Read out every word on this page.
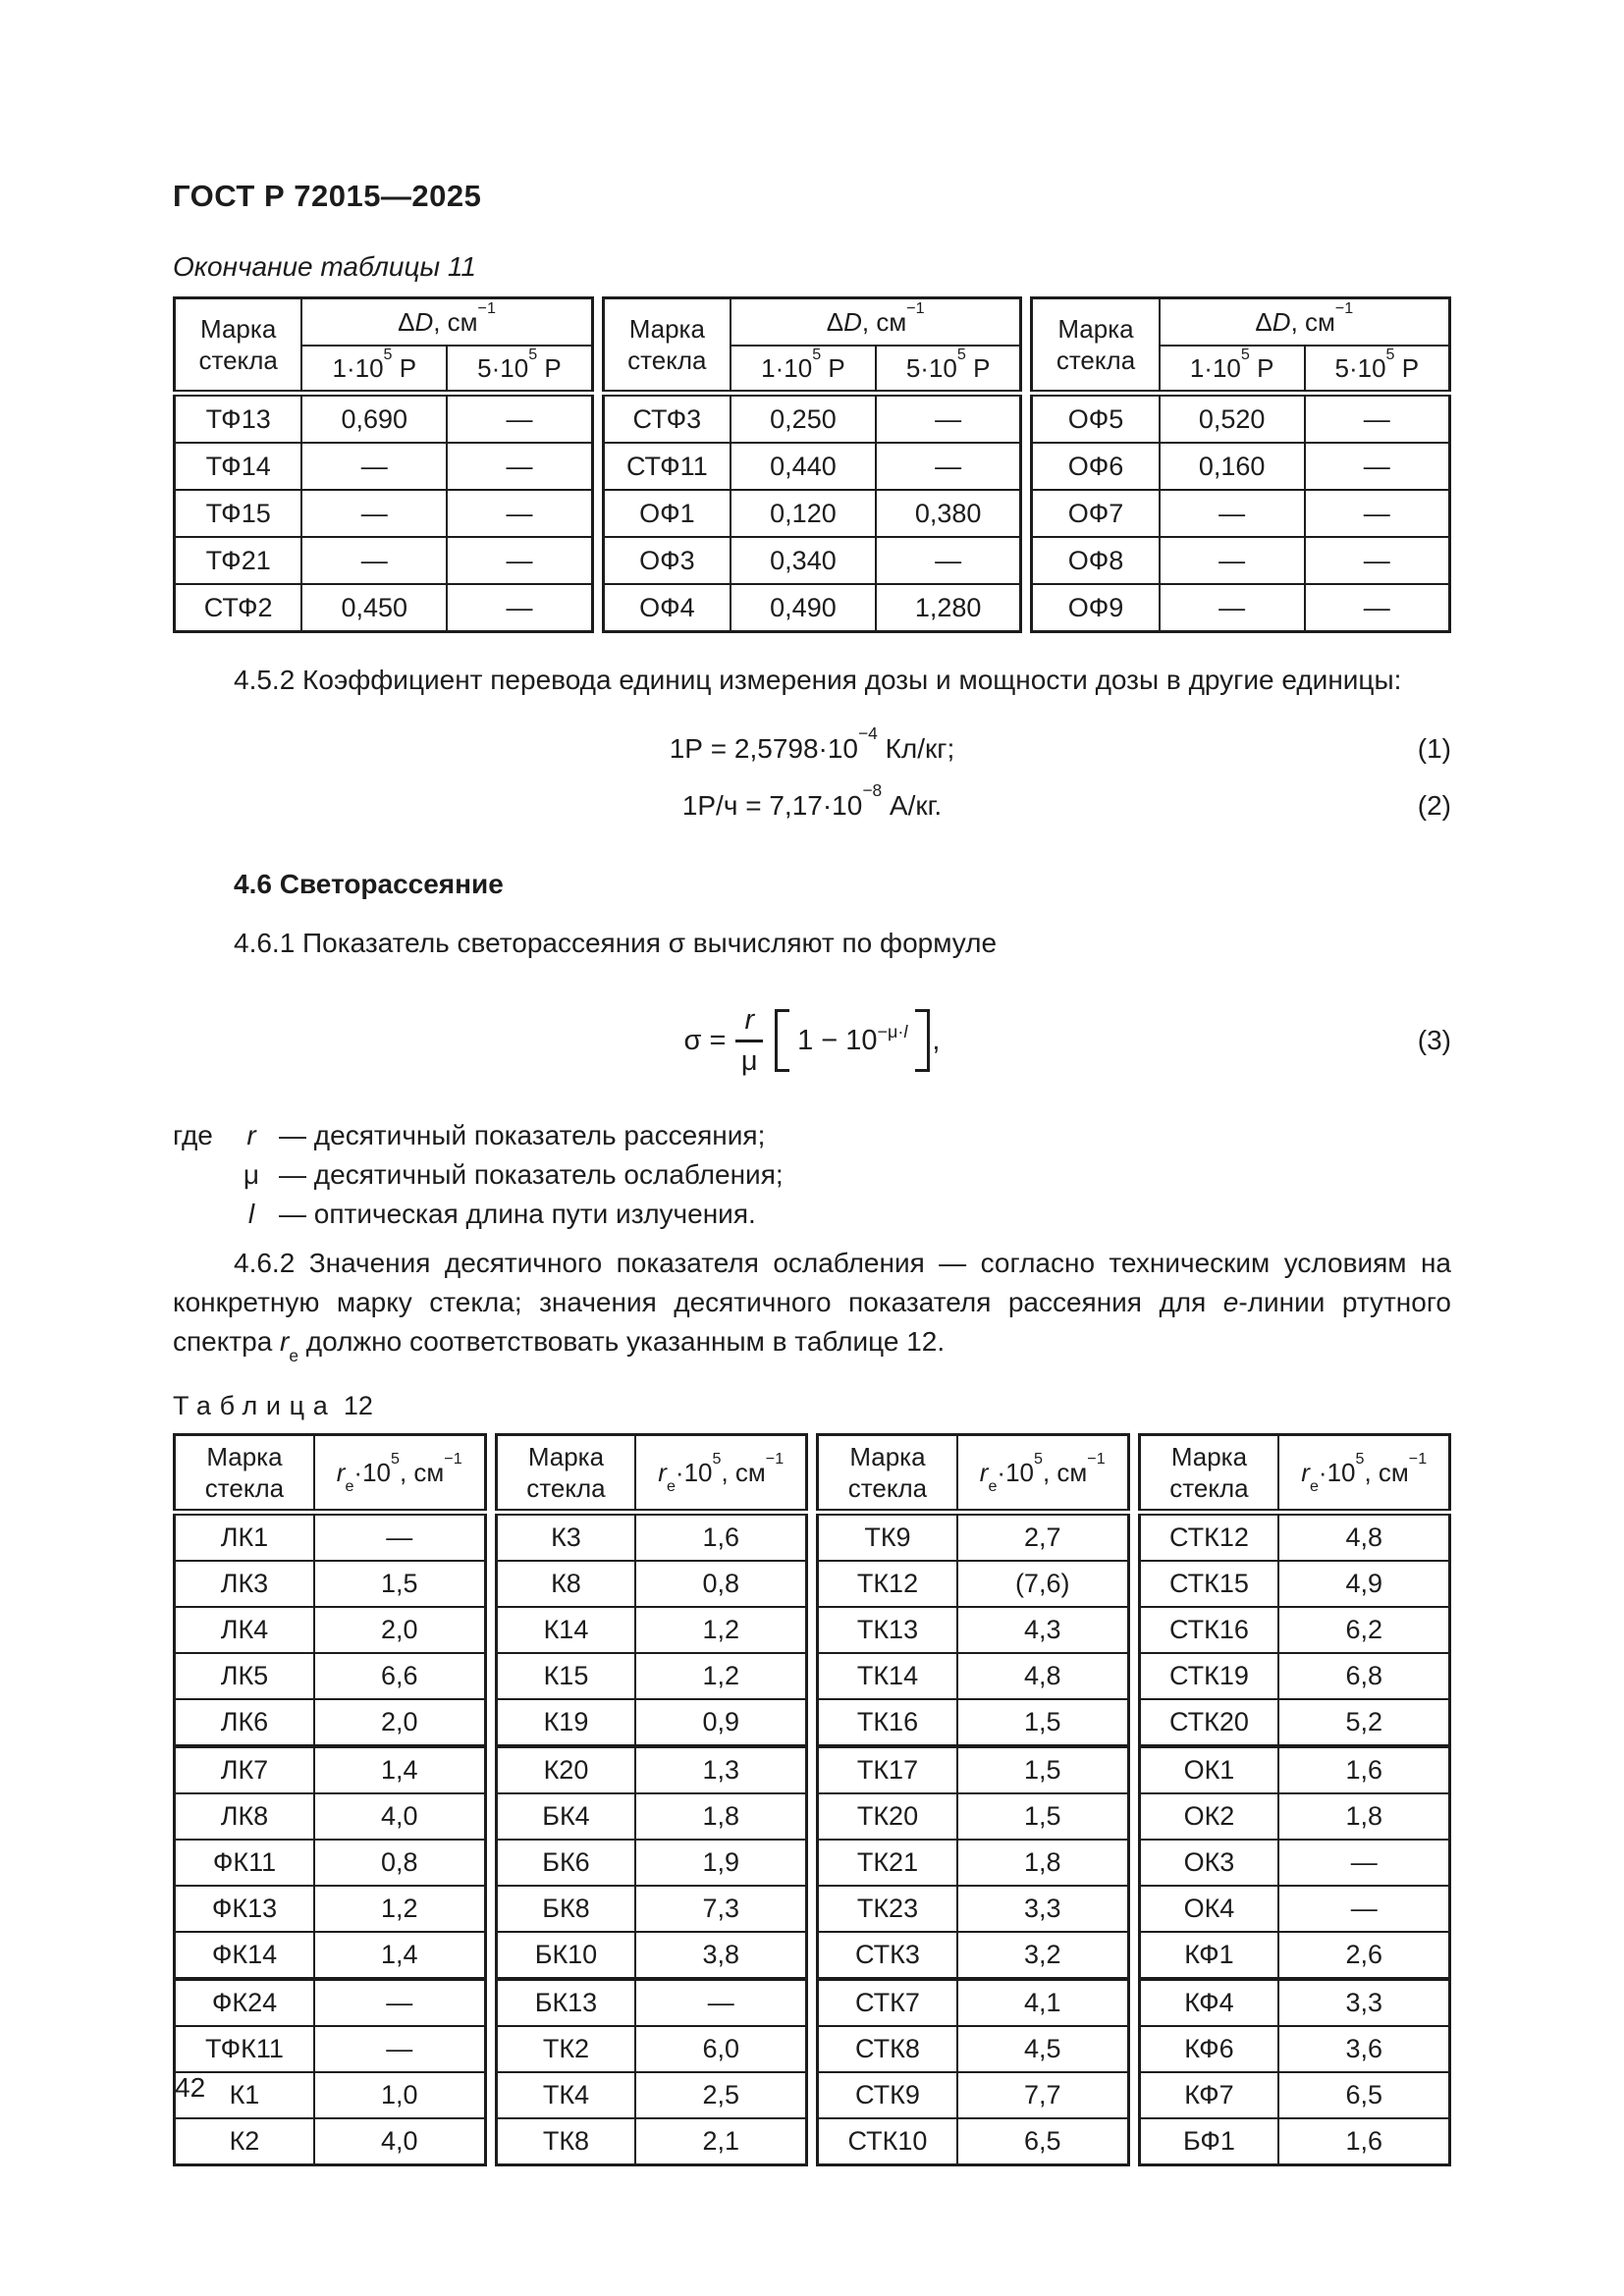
ГОСТ Р 72015—2025
Окончание таблицы 11
Марка стекла	ΔD, $см^{-1}$
	$1\cdot 10^5$ Р	$5\cdot 10^5$ Р
ТФ13	0,690	—
ТФ14	—	—
ТФ15	—	—
ТФ21	—	—
СТФ2	0,450	—
Марка стекла	ΔD, $см^{-1}$
	$1\cdot 10^5$ Р	$5\cdot 10^5$ Р
СТФ3	0,250	—
СТФ11	0,440	—
ОФ1	0,120	0,380
ОФ3	0,340	—
ОФ4	0,490	1,280
Марка стекла	ΔD, $см^{-1}$
	$1\cdot 10^5$ Р	$5\cdot 10^5$ Р
ОФ5	0,520	—
ОФ6	0,160	—
ОФ7	—	—
ОФ8	—	—
ОФ9	—	—

4.5.2 Коэффициент перевода единиц измерения дозы и мощности дозы в другие единицы:

$1Р = 2,5798\cdot 10^{-4}$ Кл/кг;	(1)
$1Р/ч = 7,17\cdot 10^{-8}$ А/кг.	(2)
4.6 Светорассеяние

4.6.1 Показатель светорассеяния σ вычисляют по формуле

$\sigma = \frac{r}{\mu} 1 - 10^{-\mu\cdot l}$ ,	(3)
где	r — десятичный показатель рассеяния;
μ — десятичный показатель ослабления;
l — оптическая длина пути излучения.

4.6.2 Значения десятичного показателя ослабления — согласно техническим условиям на конкретную марку стекла; значения десятичного показателя рассеяния для e-линии ртутного спектра $r_e$ должно соответствовать указанным в таблице 12.

Таблица 12
Марка стекла	$r_e\cdot 10^5$, $см^{-1}$
ЛК1	—
ЛК3	1,5
ЛК4	2,0
ЛК5	6,6
ЛК6	2,0
ЛК7	1,4
ЛК8	4,0
ФК11	0,8
ФК13	1,2
ФК14	1,4
ФК24	—
ТФК11	—
К1	1,0
К2	4,0
Марка стекла	$r_e\cdot 10^5$, $см^{-1}$
К3	1,6
К8	0,8
К14	1,2
К15	1,2
К19	0,9
К20	1,3
БК4	1,8
БК6	1,9
БК8	7,3
БК10	3,8
БК13	—
ТК2	6,0
ТК4	2,5
ТК8	2,1
Марка стекла	$r_e\cdot 10^5$, $см^{-1}$
ТК9	2,7
ТК12	(7,6)
ТК13	4,3
ТК14	4,8
ТК16	1,5
ТК17	1,5
ТК20	1,5
ТК21	1,8
ТК23	3,3
СТК3	3,2
СТК7	4,1
СТК8	4,5
СТК9	7,7
СТК10	6,5
Марка стекла	$r_e\cdot 10^5$, $см^{-1}$
СТК12	4,8
СТК15	4,9
СТК16	6,2
СТК19	6,8
СТК20	5,2
ОК1	1,6
ОК2	1,8
ОК3	—
ОК4	—
КФ1	2,6
КФ4	3,3
КФ6	3,6
КФ7	6,5
БФ1	1,6
42
